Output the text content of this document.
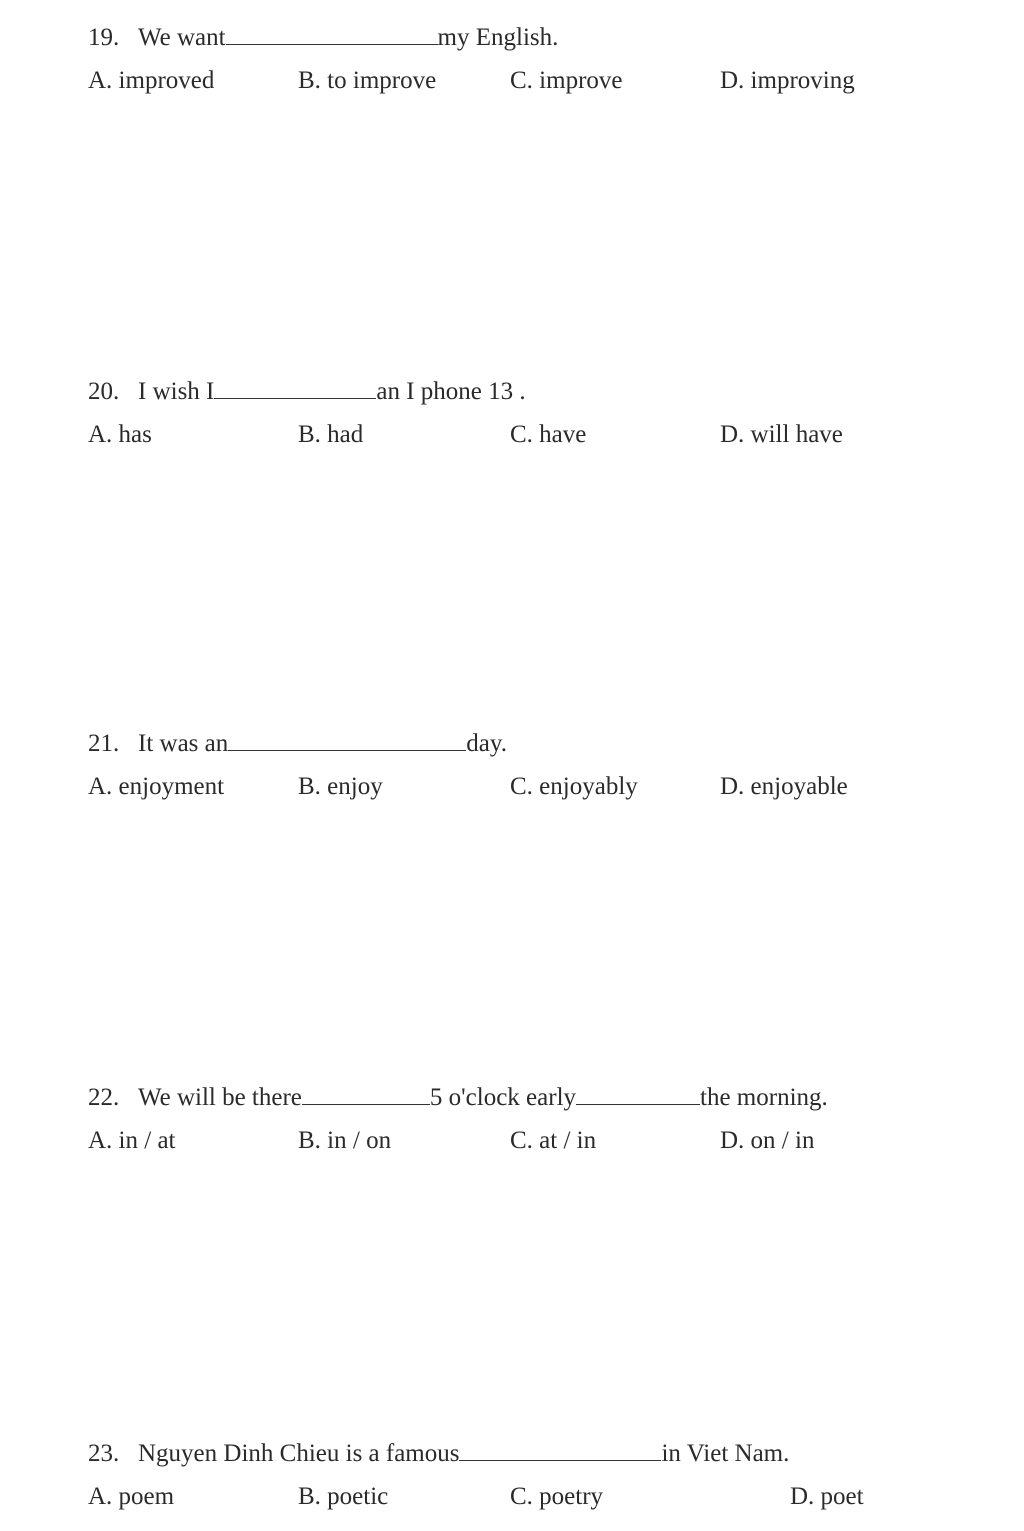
19. We want	my English.
A. improved	B. to improve	C. improve	D. improving
20. I wish I	an I phone 13 .
A. has	B. had	C. have	D. will have
21. It was an	day.
A. enjoyment	B. enjoy	C. enjoyably	D. enjoyable
22. We will be there	5 o'clock early	the morning.
A. in / at	B. in / on	C. at / in	D. on / in
23. Nguyen Dinh Chieu is a famous	in Viet Nam.
A. poem	B. poetic	C. poetry	D. poet
